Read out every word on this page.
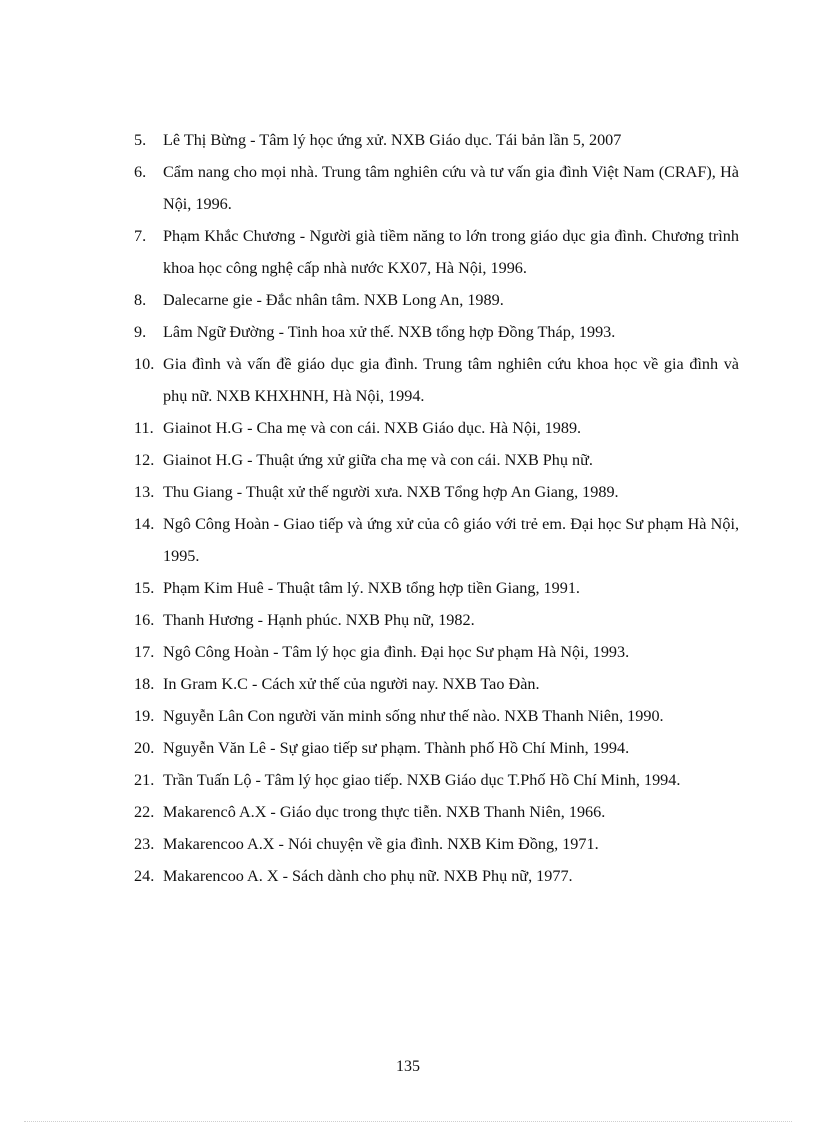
5. Lê Thị Bừng - Tâm lý học ứng xử. NXB Giáo dục. Tái bản lần 5, 2007
6. Cẩm nang cho mọi nhà. Trung tâm nghiên cứu và tư vấn gia đình Việt Nam (CRAF), Hà Nội, 1996.
7. Phạm Khắc Chương - Người già tiềm năng to lớn trong giáo dục gia đình. Chương trình khoa học công nghệ cấp nhà nước KX07, Hà Nội, 1996.
8. Dalecarne gie - Đắc nhân tâm. NXB Long An, 1989.
9. Lâm Ngữ Đường - Tinh hoa xử thế. NXB tổng hợp Đồng Tháp, 1993.
10. Gia đình và vấn đề giáo dục gia đình. Trung tâm nghiên cứu khoa học về gia đình và phụ nữ. NXB KHXHNH, Hà Nội, 1994.
11. Giainot H.G - Cha mẹ và con cái. NXB Giáo dục. Hà Nội, 1989.
12. Giainot H.G - Thuật ứng xử giữa cha mẹ và con cái. NXB Phụ nữ.
13. Thu Giang - Thuật xử thế người xưa. NXB Tổng hợp An Giang, 1989.
14. Ngô Công Hoàn - Giao tiếp và ứng xử của cô giáo với trẻ em. Đại học Sư phạm Hà Nội, 1995.
15. Phạm Kim Huê - Thuật tâm lý. NXB tổng hợp tiền Giang, 1991.
16. Thanh Hương - Hạnh phúc. NXB Phụ nữ, 1982.
17. Ngô Công Hoàn - Tâm lý học gia đình. Đại học Sư phạm Hà Nội, 1993.
18. In Gram K.C - Cách xử thế của người nay. NXB Tao Đàn.
19. Nguyễn Lân Con người văn minh sống như thế nào. NXB Thanh Niên, 1990.
20. Nguyễn Văn Lê - Sự giao tiếp sư phạm. Thành phố Hồ Chí Minh, 1994.
21. Trần Tuấn Lộ - Tâm lý học giao tiếp. NXB Giáo dục T.Phố Hồ Chí Minh, 1994.
22. Makarencô A.X - Giáo dục trong thực tiễn. NXB Thanh Niên, 1966.
23. Makarencoo A.X - Nói chuyện về gia đình. NXB Kim Đồng, 1971.
24. Makarencoo A. X - Sách dành cho phụ nữ. NXB Phụ nữ, 1977.
135
